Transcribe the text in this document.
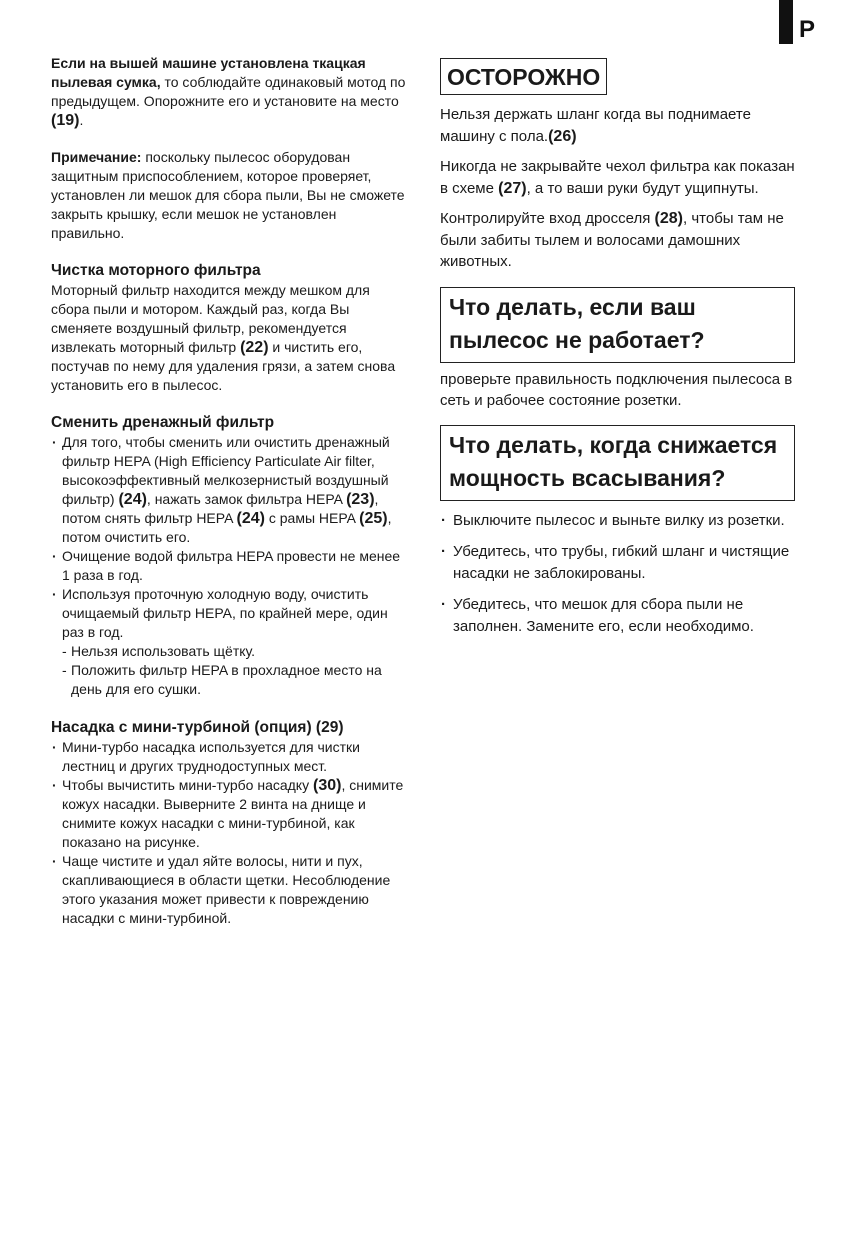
P

Если на вышей машине установлена ткацкая пылевая сумка, то соблюдайте одинаковый мотод по предыдущем. Опорожните его и установите на место (19).

Примечание: поскольку пылесос оборудован защитным приспособлением, которое проверяет, установлен ли мешок для сбора пыли, Вы не сможете закрыть крышку, если мешок не установлен правильно.

Чистка моторного фильтра

Моторный фильтр находится между мешком для сбора пыли и мотором. Каждый раз, когда Вы сменяете воздушный фильтр, рекомендуется извлекать моторный фильтр (22) и чистить его, постучав по нему для удаления грязи, а затем снова установить его в пылесос.

Сменить дренажный фильтр
· Для того, чтобы сменить или очистить дренажный фильтр HEPA (High Efficiency Particulate Air filter, высокоэффективный мелкозернистый воздушный фильтр) (24), нажать замок фильтра HEPA (23), потом снять фильтр HEPA (24) с рамы HEPA (25), потом очистить его.
· Очищение водой фильтра HEPA провести не менее 1 раза в год.
· Используя проточную холодную воду, очистить очищаемый фильтр HEPA, по крайней мере, один раз в год.
- Нельзя использовать щётку.
- Положить фильтр HEPA в прохладное место на день для его сушки.
Насадка с мини-турбиной (опция) (29)
· Мини-турбо насадка используется для чистки лестниц и других труднодоступных мест.
· Чтобы вычистить мини-турбо насадку (30), снимите кожух насадки. Выверните 2 винта на днище и снимите кожух насадки с мини-турбиной, как показано на рисунке.
· Чаще чистите и удал яйте волосы, нити и пух, скапливающиеся в области щетки. Несоблюдение этого указания может привести к повреждению насадки с мини-турбиной.
ОСТОРОЖНО

Нельзя держать шланг когда вы поднимаете машину с пола.(26)

Никогда не закрывайте чехол фильтра как показан в схеме (27), а то ваши руки будут ущипнуты.

Контролируйте вход дросселя (28), чтобы там не были забиты тылем и волосами дамошних животных.

Что делать, если ваш пылесос не работает?

проверьте правильность подключения пылесоса в сеть и рабочее состояние розетки.

Что делать, когда снижается мощность всасывания?
· Выключите пылесос и выньте вилку из розетки.
· Убедитесь, что трубы, гибкий шланг и чистящие насадки не заблокированы.
· Убедитесь, что мешок для сбора пыли не заполнен. Замените его, если необходимо.
